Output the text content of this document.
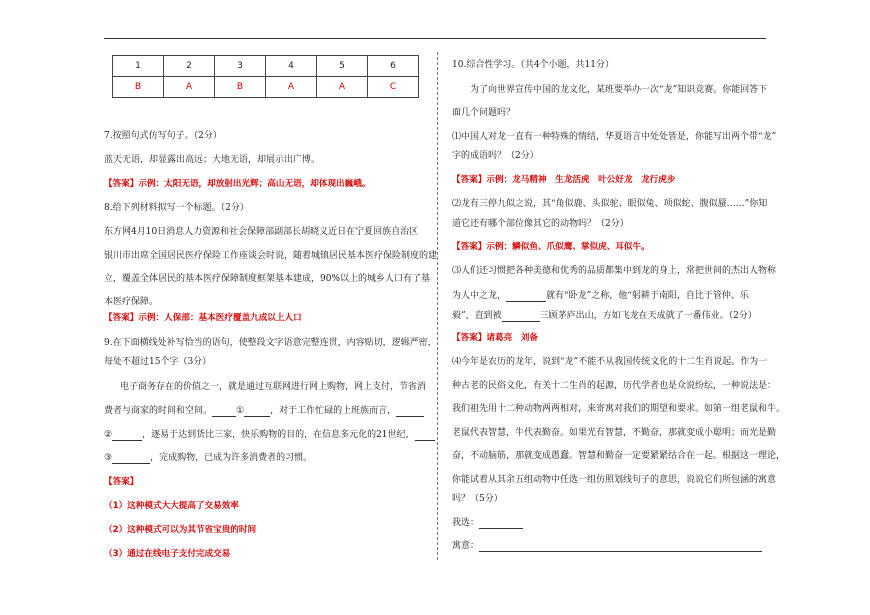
1	2	3	4	5	6
B	A	B	A	A	C
7.按照句式仿写句子。（2分）
蓝天无语，却显露出高远；大地无语，却展示出广博。
【答案】示例：太阳无语，却放射出光辉；高山无语，却体现出巍峨。
8.给下列材料拟写一个标题。（2分）
东方网4月10日消息人力资源和社会保障部副部长胡晓义近日在宁夏回族自治区
银川市出席全国居民医疗保险工作座谈会时说，随着城镇居民基本医疗保险制度的建
立，覆盖全体居民的基本医疗保障制度框架基本建成，90%以上的城乡人口有了基
本医疗保障。
【答案】示例：人保部：基本医疗覆盖九成以上人口
9.在下面横线处补写恰当的语句，使整段文字语意完整连贯，内容贴切，逻辑严密，
每处不超过15个字（3分）
电子商务存在的价值之一，就是通过互联网进行网上购物，网上支付，节省消
费者与商家的时间和空间。	①	，对于工作忙碌的上班族而言，
②	，逐易于达到货比三家，快乐购物的目的，在信息多元化的21世纪，
③	，完成购物，已成为许多消费者的习惯。
【答案】
（1）这种模式大大提高了交易效率
（2）这种模式可以为其节省宝贵的时间
（3）通过在线电子支付完成交易
10.综合性学习。（共4个小题，共11分）
为了向世界宣传中国的龙文化，某班要举办一次“龙”知识竞赛。你能回答下
面几个问题吗？
⑴中国人对龙一直有一种特殊的情结，华夏语言中处处皆是，你能写出两个带“龙”
字的成语吗？（2分）
【答案】示例：龙马精神　生龙活虎　叶公好龙　龙行虎步
⑵龙有三停九似之说，其“角似鹿、头似驼、眼似兔、项似蛇、腹似蜃……”你知
道它还有哪个部位像其它的动物吗？（2分）
【答案】示例：鳞似鱼、爪似鹰、掌似虎、耳似牛。
⑶人们还习惯把各种美德和优秀的品质都集中到龙的身上，常把世间的杰出人物称
为人中之龙，	就有“卧龙”之称，他“躬耕于南阳，自比于管仲、乐
毅”，直到被	三顾茅庐出山，方如飞龙在天成就了一番伟业。（2分）
【答案】诸葛亮　刘备
⑷今年是农历的龙年，说到“龙”不能不从我国传统文化的十二生肖说起。作为一
种古老的民俗文化，有关十二生肖的起源，历代学者也是众说纷纭，一种说法是：
我们祖先用十二种动物两两相对，来寄寓对我们的期望和要求。如第一组老鼠和牛。
老鼠代表智慧，牛代表勤奋。如果光有智慧，不勤奋，那就变成小聪明；而光是勤
奋，不动脑筋，那就变成愚蠢。智慧和勤奋一定要紧紧结合在一起。根据这一理论，
你能试着从其余五组动物中任选一组仿照划线句子的意思，说说它们所包涵的寓意
吗？（5分）
我选：
寓意：
